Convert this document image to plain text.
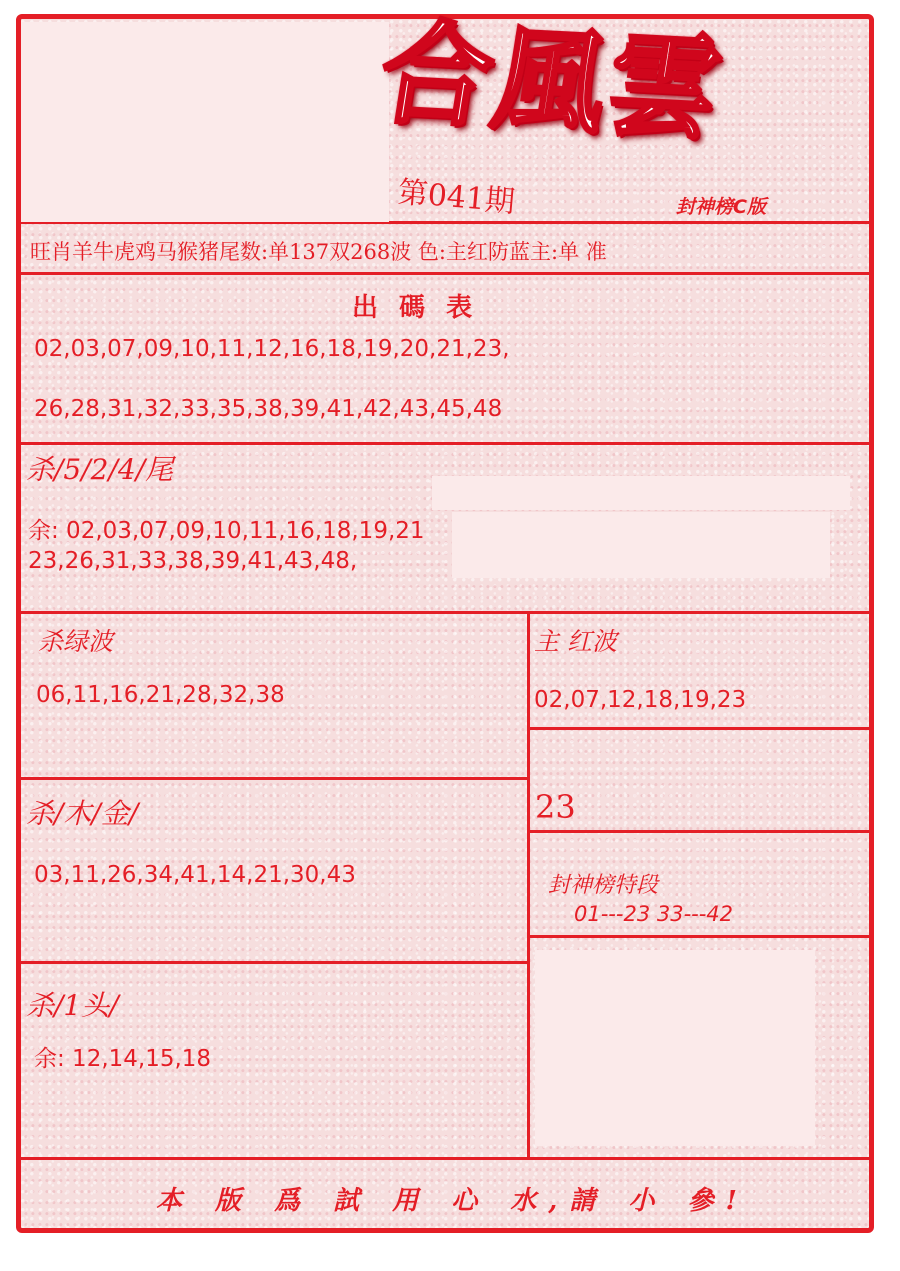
合風雲
第041期	封神榜C版
旺肖羊牛虎鸡马猴猪尾数:单137双268波 色:主红防蓝主:单 准
出 碼 表
02,03,07,09,10,11,12,16,18,19,20,21,23,
26,28,31,32,33,35,38,39,41,42,43,45,48
杀/5/2/4/尾
余: 02,03,07,09,10,11,16,18,19,21
23,26,31,33,38,39,41,43,48,
杀绿波
06,11,16,21,28,32,38
主 红波
02,07,12,18,19,23
23
杀/木/金/
03,11,26,34,41,14,21,30,43	封神榜特段
01---23 33---42
杀/1头/
余: 12,14,15,18
本 版 爲 試 用 心 水,請 小 參!
